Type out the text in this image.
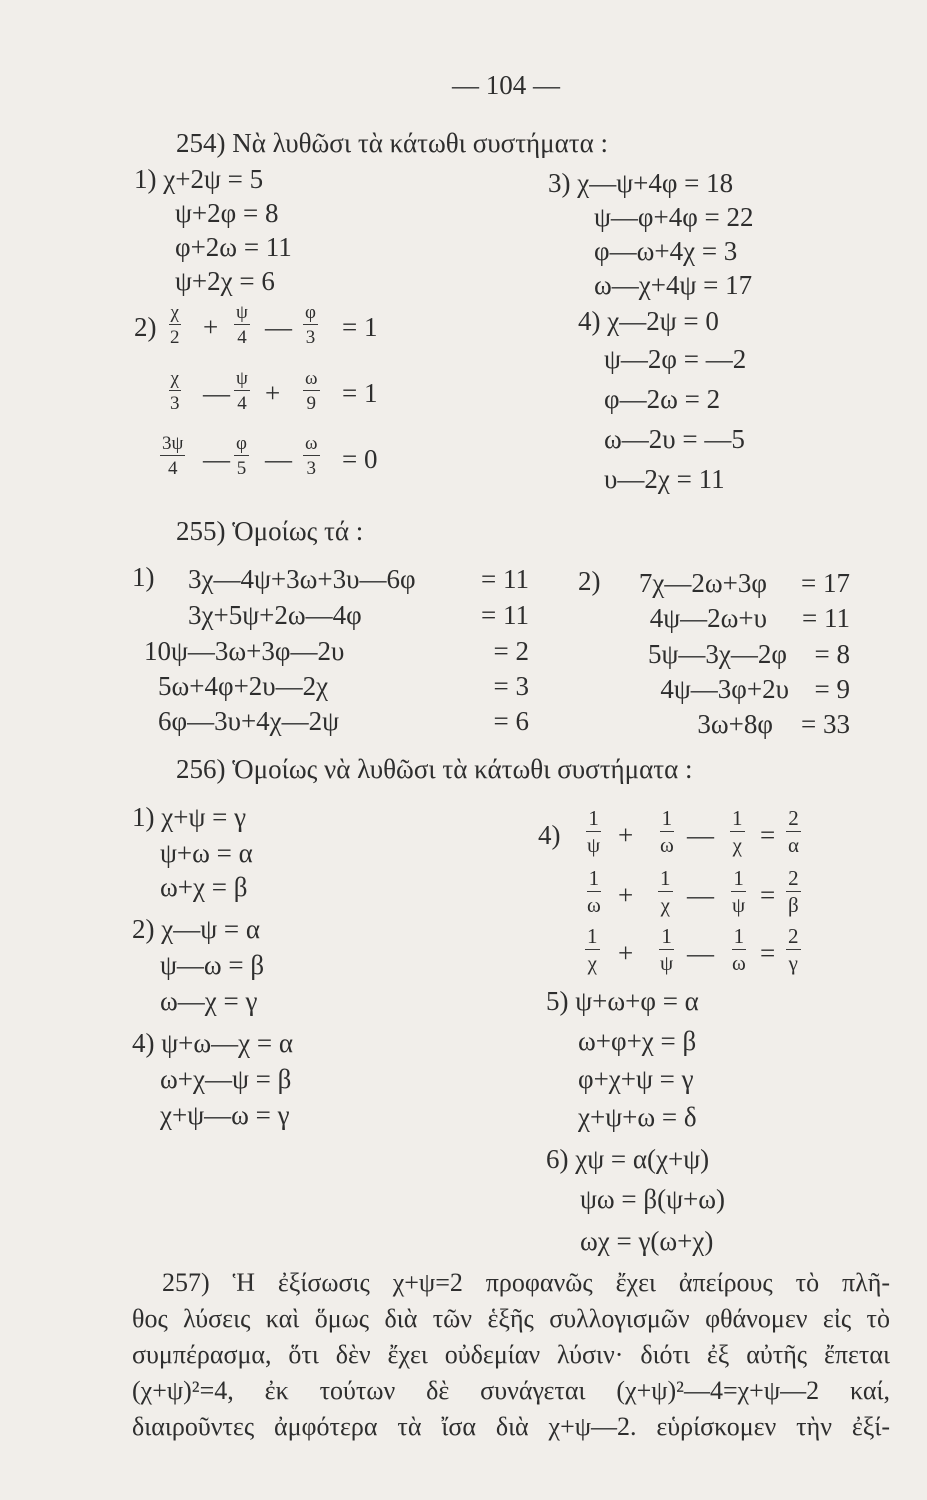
— 104 —
254) Νὰ λυθῶσι τὰ κάτωθι συστήματα :
1) χ+2ψ = 5
ψ+2φ = 8
φ+2ω = 11
ψ+2χ = 6
$2) \frac{\chi}{2} + \frac{\psi}{4}$ — $\frac{\varphi}{3} = 1$
$\frac{\chi}{3}$ — $\frac{\psi}{4} + \frac{\omega}{9} = 1$
$\frac{3\psi}{4}$ — $\frac{\varphi}{5}$ — $\frac{\omega}{3} = 0$
3) χ—ψ+4φ = 18
ψ—φ+4φ = 22
φ—ω+4χ = 3
ω—χ+4ψ = 17
4) χ—2ψ = 0
ψ—2φ = —2
φ—2ω = 2
ω—2υ = —5
υ—2χ = 11
255) Ὁμοίως τά :
1) 3χ—4ψ+3ω+3υ—6φ
3χ+5ψ+2ω—4φ
10ψ—3ω+3φ—2υ
5ω+4φ+2υ—2χ
6φ—3υ+4χ—2ψ
= 11
= 11
= 2
= 3
= 6
2) 7χ—2ω+3φ
4ψ—2ω+υ
5ψ—3χ—2φ
4ψ—3φ+2υ
3ω+8φ
= 17
= 11
= 8
= 9
= 33
256) Ὁμοίως νὰ λυθῶσι τὰ κάτωθι συστήματα :
1) χ+ψ = γ
ψ+ω = α
ω+χ = β
2) χ—ψ = α
ψ—ω = β
ω—χ = γ
4) ψ+ω—χ = α
ω+χ—ψ = β
χ+ψ—ω = γ
$4) \frac{1}{\psi} + \frac{1}{\omega}$ — $\frac{1}{\chi} = \frac{2}{\alpha}$
$\frac{1}{\omega} + \frac{1}{\chi}$ — $\frac{1}{\psi} = \frac{2}{\beta}$
$\frac{1}{\chi} + \frac{1}{\psi}$ — $\frac{1}{\omega} = \frac{2}{\gamma}$
5) ψ+ω+φ = α
ω+φ+χ = β
φ+χ+ψ = γ
χ+ψ+ω = δ
6) χψ = α(χ+ψ)
ψω = β(ψ+ω)
ωχ = γ(ω+χ)
257) Ἡ ἐξίσωσις χ+ψ=2 προφανῶς ἔχει ἀπείρους τὸ πλῆ-
θος λύσεις καὶ ὅμως διὰ τῶν ἑξῆς συλλογισμῶν φθάνομεν εἰς τὸ
συμπέρασμα, ὅτι δὲν ἔχει οὐδεμίαν λύσιν· διότι ἐξ αὐτῆς ἔπεται
(χ+ψ)²=4, ἐκ τούτων δὲ συνάγεται (χ+ψ)²—4=χ+ψ—2 καί,
διαιροῦντες ἀμφότερα τὰ ἴσα διὰ χ+ψ—2. εὑρίσκομεν τὴν ἐξί-
